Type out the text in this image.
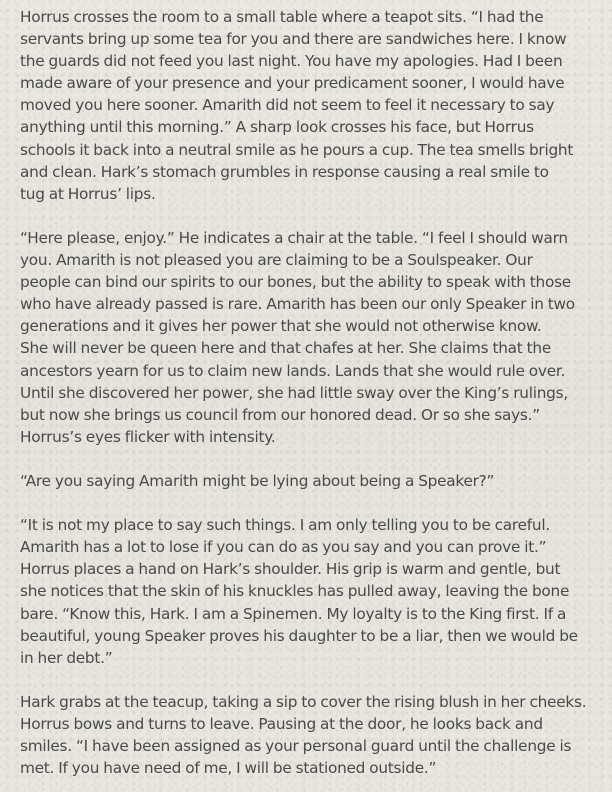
Horrus crosses the room to a small table where a teapot sits. “I had the
servants bring up some tea for you and there are sandwiches here. I know
the guards did not feed you last night. You have my apologies. Had I been
made aware of your presence and your predicament sooner, I would have
moved you here sooner. Amarith did not seem to feel it necessary to say
anything until this morning.” A sharp look crosses his face, but Horrus
schools it back into a neutral smile as he pours a cup. The tea smells bright
and clean. Hark’s stomach grumbles in response causing a real smile to
tug at Horrus’ lips.

“Here please, enjoy.” He indicates a chair at the table. “I feel I should warn
you. Amarith is not pleased you are claiming to be a Soulspeaker. Our
people can bind our spirits to our bones, but the ability to speak with those
who have already passed is rare. Amarith has been our only Speaker in two
generations and it gives her power that she would not otherwise know.
She will never be queen here and that chafes at her. She claims that the
ancestors yearn for us to claim new lands. Lands that she would rule over.
Until she discovered her power, she had little sway over the King’s rulings,
but now she brings us council from our honored dead. Or so she says.”
Horrus’s eyes flicker with intensity.

“Are you saying Amarith might be lying about being a Speaker?”

“It is not my place to say such things. I am only telling you to be careful.
Amarith has a lot to lose if you can do as you say and you can prove it.”
Horrus places a hand on Hark’s shoulder. His grip is warm and gentle, but
she notices that the skin of his knuckles has pulled away, leaving the bone
bare. “Know this, Hark. I am a Spinemen. My loyalty is to the King first. If a
beautiful, young Speaker proves his daughter to be a liar, then we would be
in her debt.”

Hark grabs at the teacup, taking a sip to cover the rising blush in her cheeks.
Horrus bows and turns to leave. Pausing at the door, he looks back and
smiles. “I have been assigned as your personal guard until the challenge is
met. If you have need of me, I will be stationed outside.”
